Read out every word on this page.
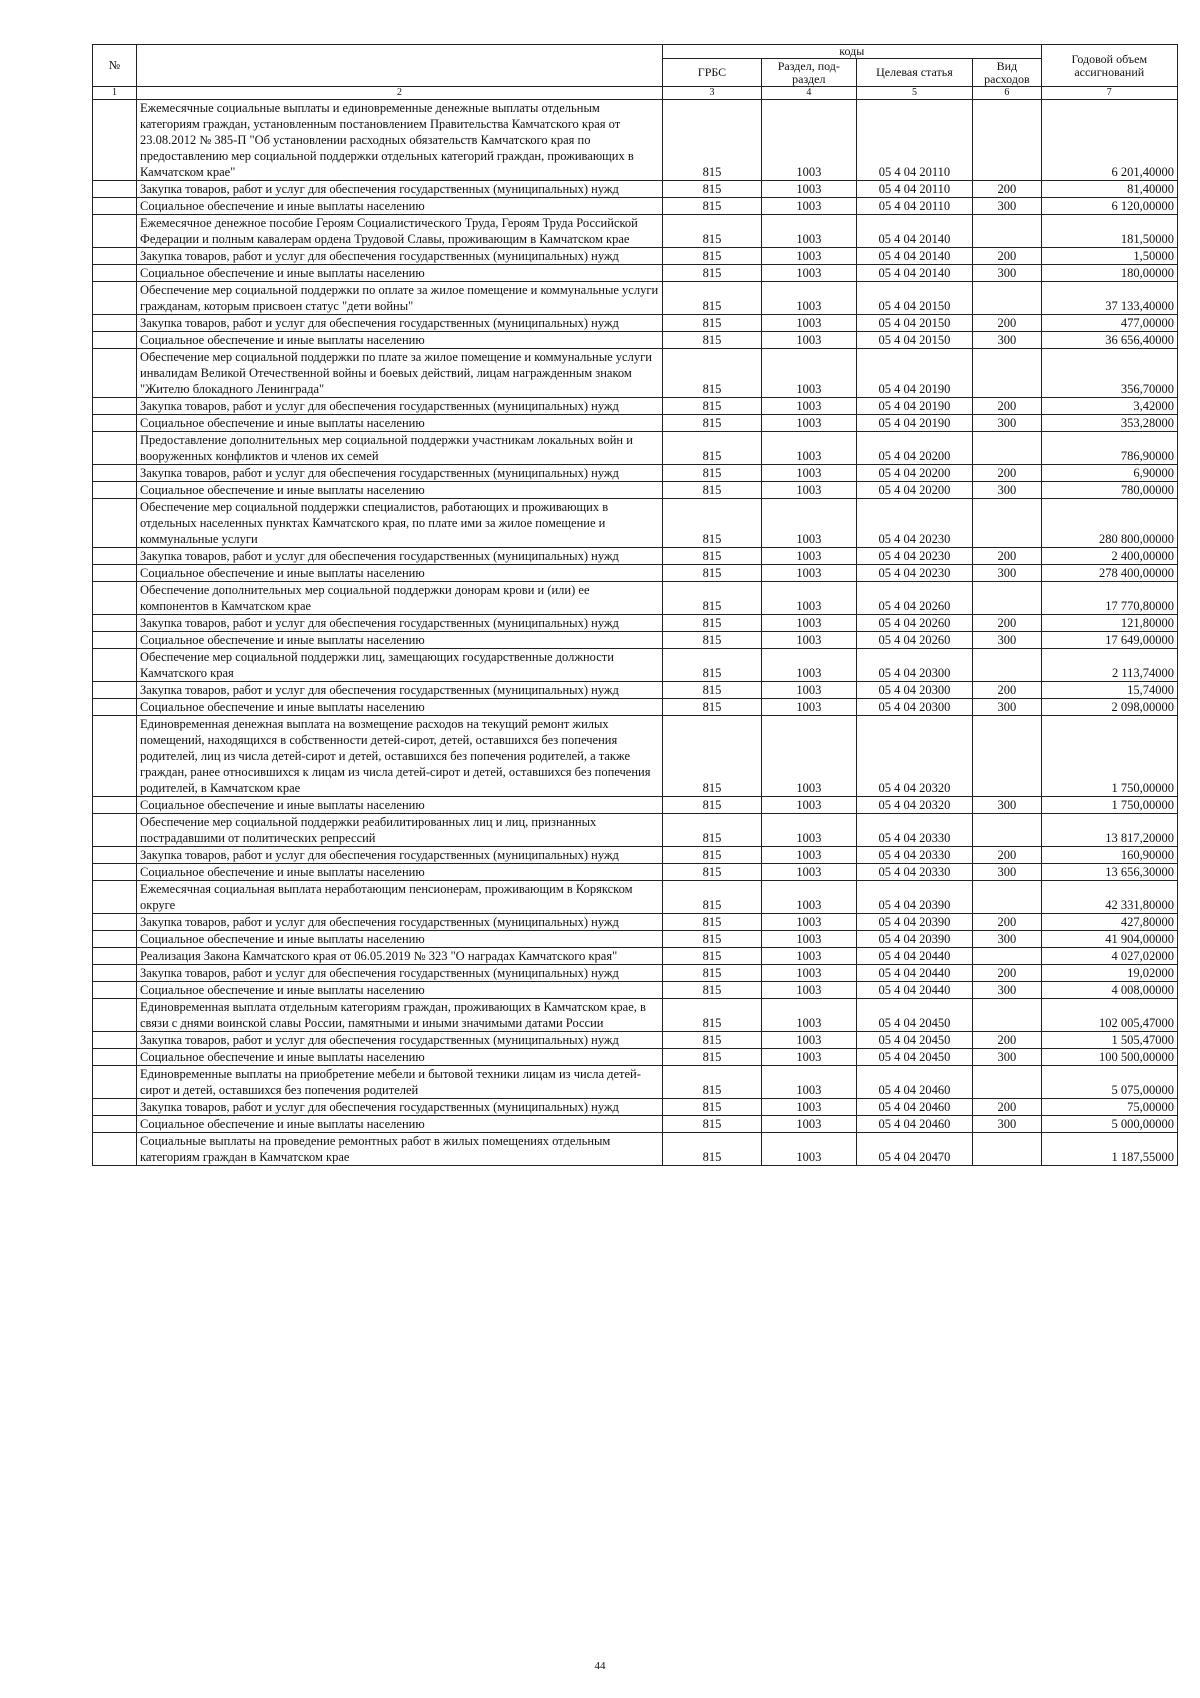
№		коды				Годовой объем ассигнований
		ГРБС	Раздел, под-раздел	Целевая статья	Вид расходов	
1	2	3	4	5	6	7
	Ежемесячные социальные выплаты и единовременные денежные выплаты отдельным категориям граждан, установленным постановлением Правительства Камчатского края от 23.08.2012 № 385-П "Об установлении расходных обязательств Камчатского края по предоставлению мер социальной поддержки отдельных категорий граждан, проживающих в Камчатском крае"	815	1003	05 4 04 20110		6 201,40000
	Закупка товаров, работ и услуг для обеспечения государственных (муниципальных) нужд	815	1003	05 4 04 20110	200	81,40000
	Социальное обеспечение и иные выплаты населению	815	1003	05 4 04 20110	300	6 120,00000
	Ежемесячное денежное пособие Героям Социалистического Труда, Героям Труда Российской Федерации и полным кавалерам ордена Трудовой Славы, проживающим в Камчатском крае	815	1003	05 4 04 20140		181,50000
	Закупка товаров, работ и услуг для обеспечения государственных (муниципальных) нужд	815	1003	05 4 04 20140	200	1,50000
	Социальное обеспечение и иные выплаты населению	815	1003	05 4 04 20140	300	180,00000
	Обеспечение мер социальной поддержки по оплате за жилое помещение и коммунальные услуги гражданам, которым присвоен статус "дети войны"	815	1003	05 4 04 20150		37 133,40000
	Закупка товаров, работ и услуг для обеспечения государственных (муниципальных) нужд	815	1003	05 4 04 20150	200	477,00000
	Социальное обеспечение и иные выплаты населению	815	1003	05 4 04 20150	300	36 656,40000
	Обеспечение мер социальной поддержки по плате за жилое помещение и коммунальные услуги инвалидам Великой Отечественной войны и боевых действий, лицам награжденным знаком "Жителю блокадного Ленинграда"	815	1003	05 4 04 20190		356,70000
	Закупка товаров, работ и услуг для обеспечения государственных (муниципальных) нужд	815	1003	05 4 04 20190	200	3,42000
	Социальное обеспечение и иные выплаты населению	815	1003	05 4 04 20190	300	353,28000
	Предоставление дополнительных мер социальной поддержки участникам локальных войн и вооруженных конфликтов и членов их семей	815	1003	05 4 04 20200		786,90000
	Закупка товаров, работ и услуг для обеспечения государственных (муниципальных) нужд	815	1003	05 4 04 20200	200	6,90000
	Социальное обеспечение и иные выплаты населению	815	1003	05 4 04 20200	300	780,00000
	Обеспечение мер социальной поддержки специалистов, работающих и проживающих в отдельных населенных пунктах Камчатского края, по плате ими за жилое помещение и коммунальные услуги	815	1003	05 4 04 20230		280 800,00000
	Закупка товаров, работ и услуг для обеспечения государственных (муниципальных) нужд	815	1003	05 4 04 20230	200	2 400,00000
	Социальное обеспечение и иные выплаты населению	815	1003	05 4 04 20230	300	278 400,00000
	Обеспечение дополнительных мер социальной поддержки донорам крови и (или) ее компонентов в Камчатском крае	815	1003	05 4 04 20260		17 770,80000
	Закупка товаров, работ и услуг для обеспечения государственных (муниципальных) нужд	815	1003	05 4 04 20260	200	121,80000
	Социальное обеспечение и иные выплаты населению	815	1003	05 4 04 20260	300	17 649,00000
	Обеспечение мер социальной поддержки лиц, замещающих государственные должности Камчатского края	815	1003	05 4 04 20300		2 113,74000
	Закупка товаров, работ и услуг для обеспечения государственных (муниципальных) нужд	815	1003	05 4 04 20300	200	15,74000
	Социальное обеспечение и иные выплаты населению	815	1003	05 4 04 20300	300	2 098,00000
	Единовременная денежная выплата на возмещение расходов на текущий ремонт жилых помещений, находящихся в собственности детей-сирот, детей, оставшихся без попечения родителей, лиц из числа детей-сирот и детей, оставшихся без попечения родителей, а также граждан, ранее относившихся к лицам из числа детей-сирот и детей, оставшихся без попечения родителей, в Камчатском крае	815	1003	05 4 04 20320		1 750,00000
	Социальное обеспечение и иные выплаты населению	815	1003	05 4 04 20320	300	1 750,00000
	Обеспечение мер социальной поддержки реабилитированных лиц и лиц, признанных пострадавшими от политических репрессий	815	1003	05 4 04 20330		13 817,20000
	Закупка товаров, работ и услуг для обеспечения государственных (муниципальных) нужд	815	1003	05 4 04 20330	200	160,90000
	Социальное обеспечение и иные выплаты населению	815	1003	05 4 04 20330	300	13 656,30000
	Ежемесячная социальная выплата неработающим пенсионерам, проживающим в Корякском округе	815	1003	05 4 04 20390		42 331,80000
	Закупка товаров, работ и услуг для обеспечения государственных (муниципальных) нужд	815	1003	05 4 04 20390	200	427,80000
	Социальное обеспечение и иные выплаты населению	815	1003	05 4 04 20390	300	41 904,00000
	Реализация Закона Камчатского края от 06.05.2019 № 323 "О наградах Камчатского края"	815	1003	05 4 04 20440		4 027,02000
	Закупка товаров, работ и услуг для обеспечения государственных (муниципальных) нужд	815	1003	05 4 04 20440	200	19,02000
	Социальное обеспечение и иные выплаты населению	815	1003	05 4 04 20440	300	4 008,00000
	Единовременная выплата отдельным категориям граждан, проживающих в Камчатском крае, в связи с днями воинской славы России, памятными и иными значимыми датами России	815	1003	05 4 04 20450		102 005,47000
	Закупка товаров, работ и услуг для обеспечения государственных (муниципальных) нужд	815	1003	05 4 04 20450	200	1 505,47000
	Социальное обеспечение и иные выплаты населению	815	1003	05 4 04 20450	300	100 500,00000
	Единовременные выплаты на приобретение мебели и бытовой техники лицам из числа детей-сирот и детей, оставшихся без попечения родителей	815	1003	05 4 04 20460		5 075,00000
	Закупка товаров, работ и услуг для обеспечения государственных (муниципальных) нужд	815	1003	05 4 04 20460	200	75,00000
	Социальное обеспечение и иные выплаты населению	815	1003	05 4 04 20460	300	5 000,00000
	Социальные выплаты на проведение ремонтных работ в жилых помещениях отдельным категориям граждан в Камчатском крае	815	1003	05 4 04 20470		1 187,55000
44
